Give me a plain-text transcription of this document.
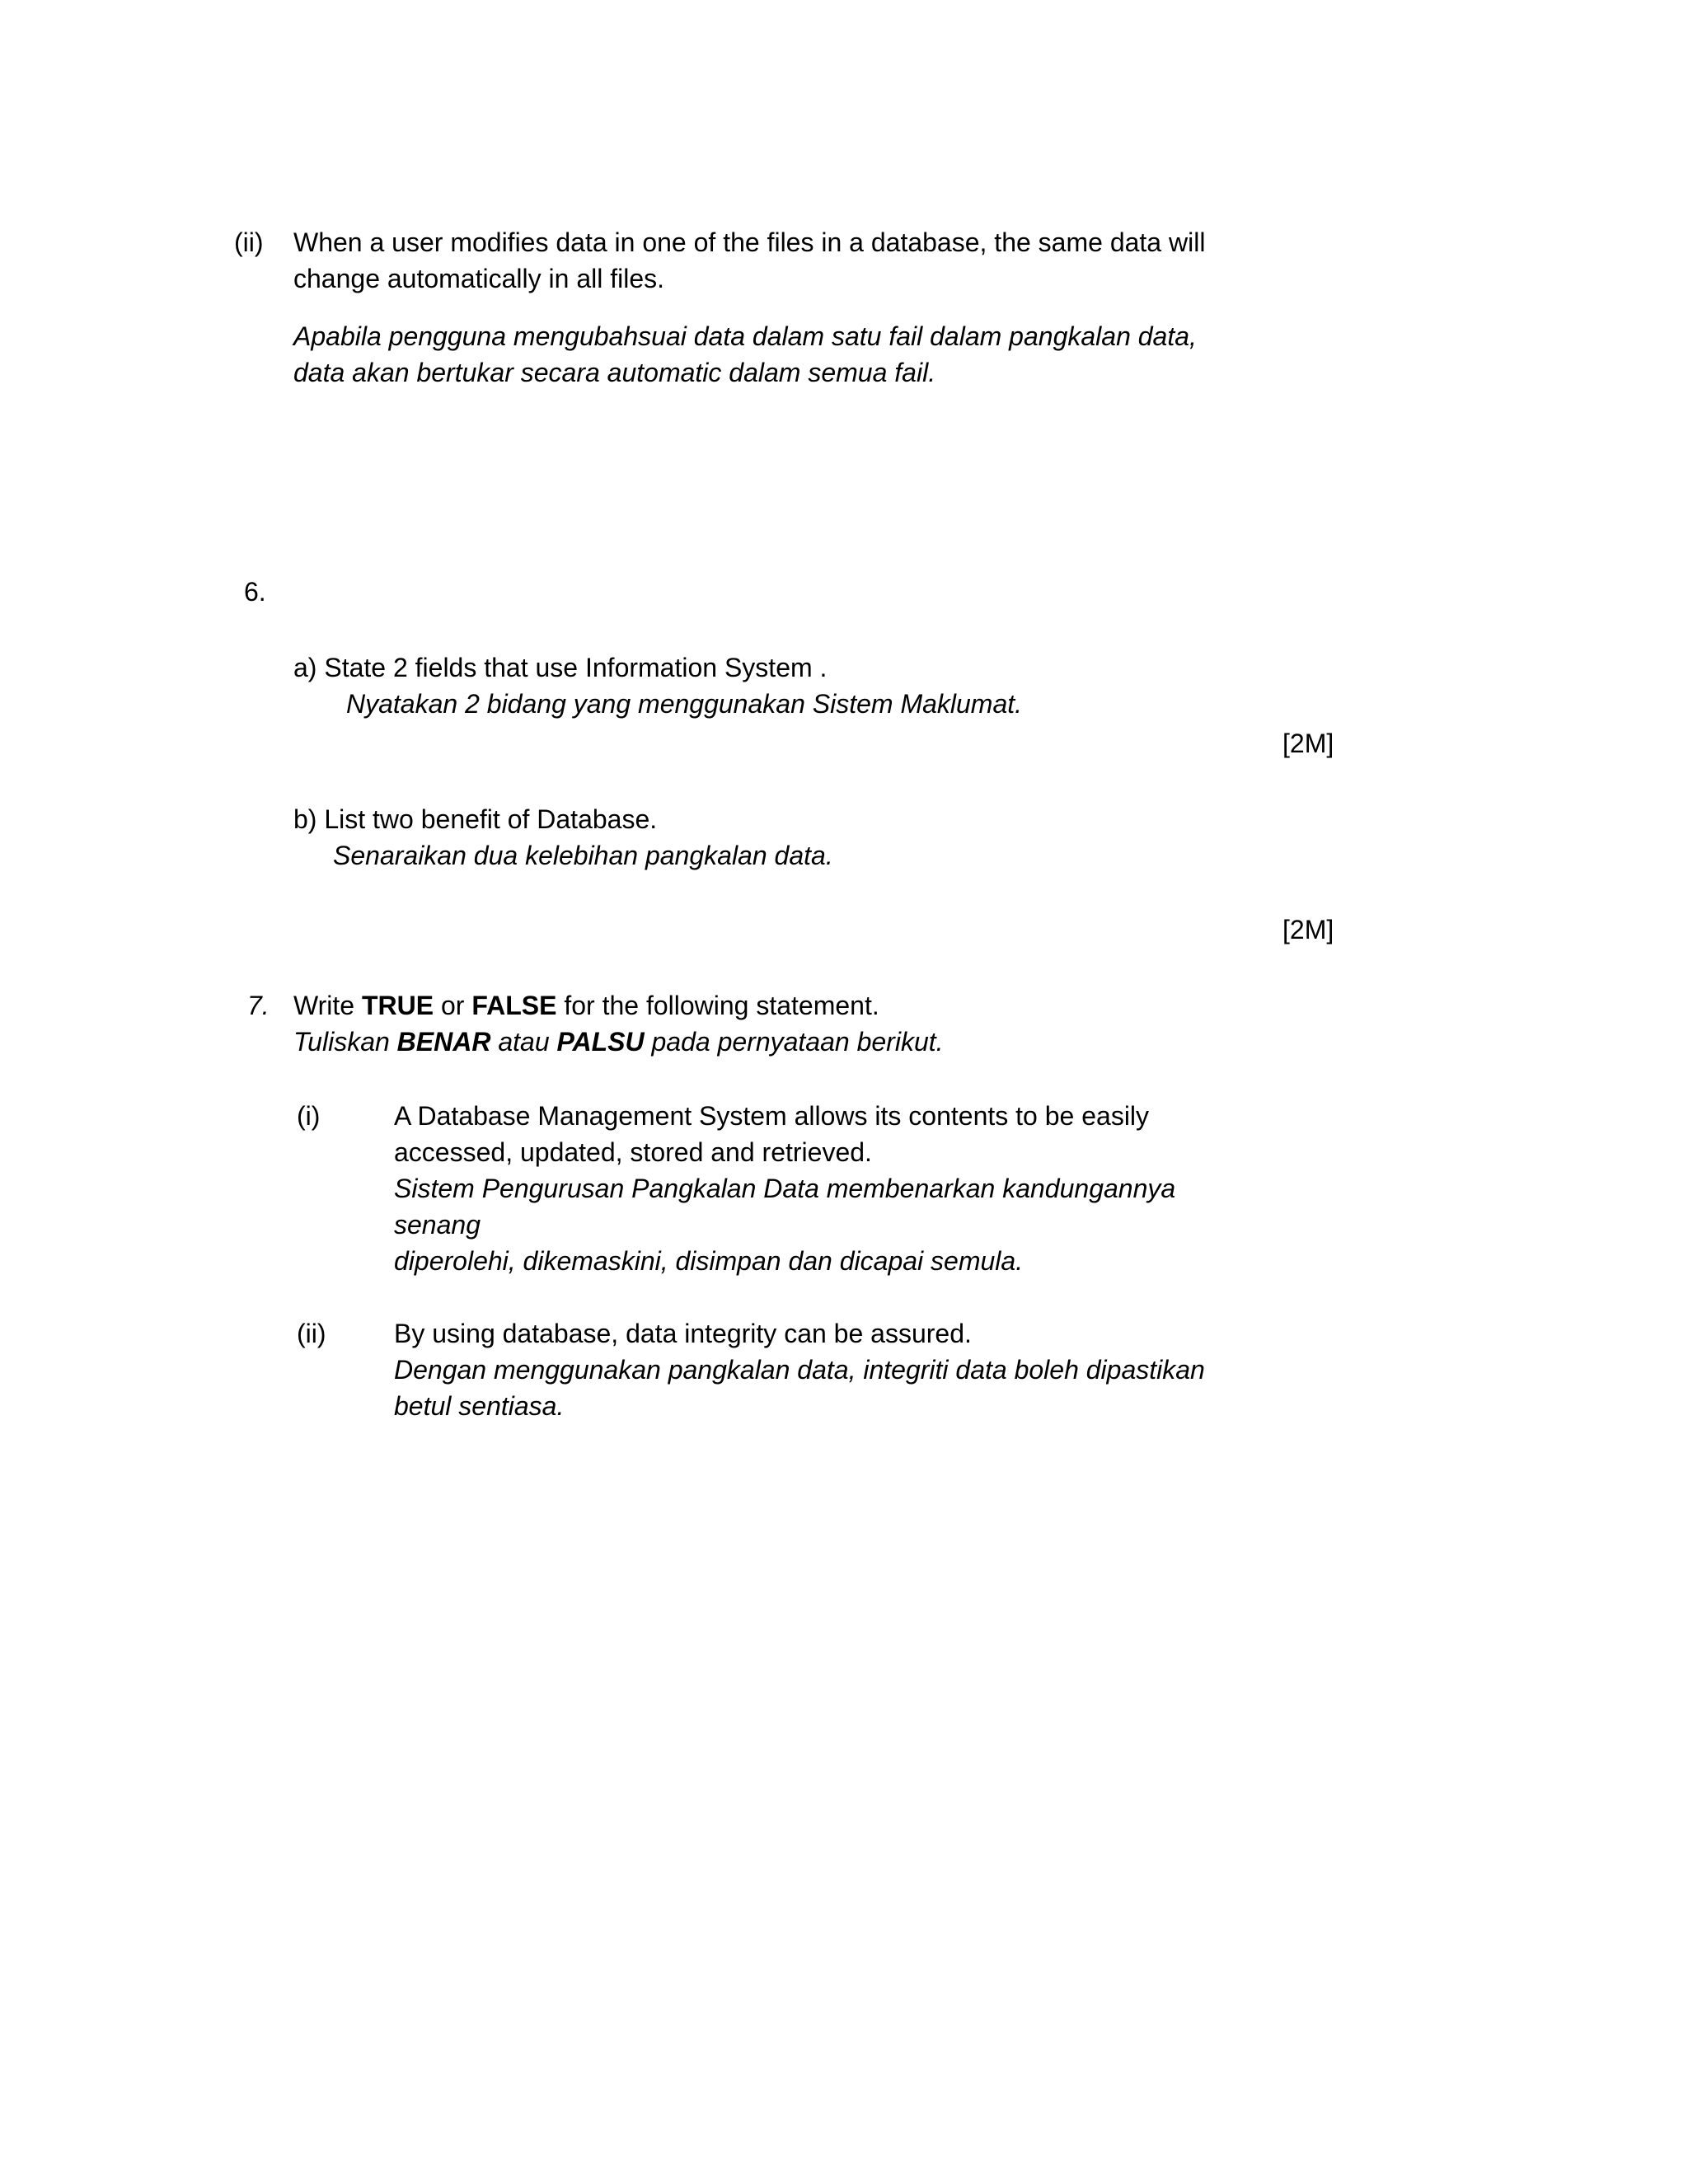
(ii) When a user modifies data in one of the files in a database, the same data will
change automatically in all files.
Apabila pengguna mengubahsuai data dalam satu fail dalam pangkalan data,
data akan bertukar secara automatic dalam semua fail.
6.
a) State 2 fields that use Information System .
Nyatakan 2 bidang yang menggunakan Sistem Maklumat.
[2M]
b) List two benefit of Database.
Senaraikan dua kelebihan pangkalan data.
[2M]
7. Write TRUE or FALSE for the following statement.
Tuliskan BENAR atau PALSU pada pernyataan berikut.
(i)	A Database Management System allows its contents to be easily
accessed, updated, stored and retrieved.
Sistem Pengurusan Pangkalan Data membenarkan kandungannya
senang
diperolehi, dikemaskini, disimpan dan dicapai semula.
(ii)	By using database, data integrity can be assured.
Dengan menggunakan pangkalan data, integriti data boleh dipastikan
betul sentiasa.
